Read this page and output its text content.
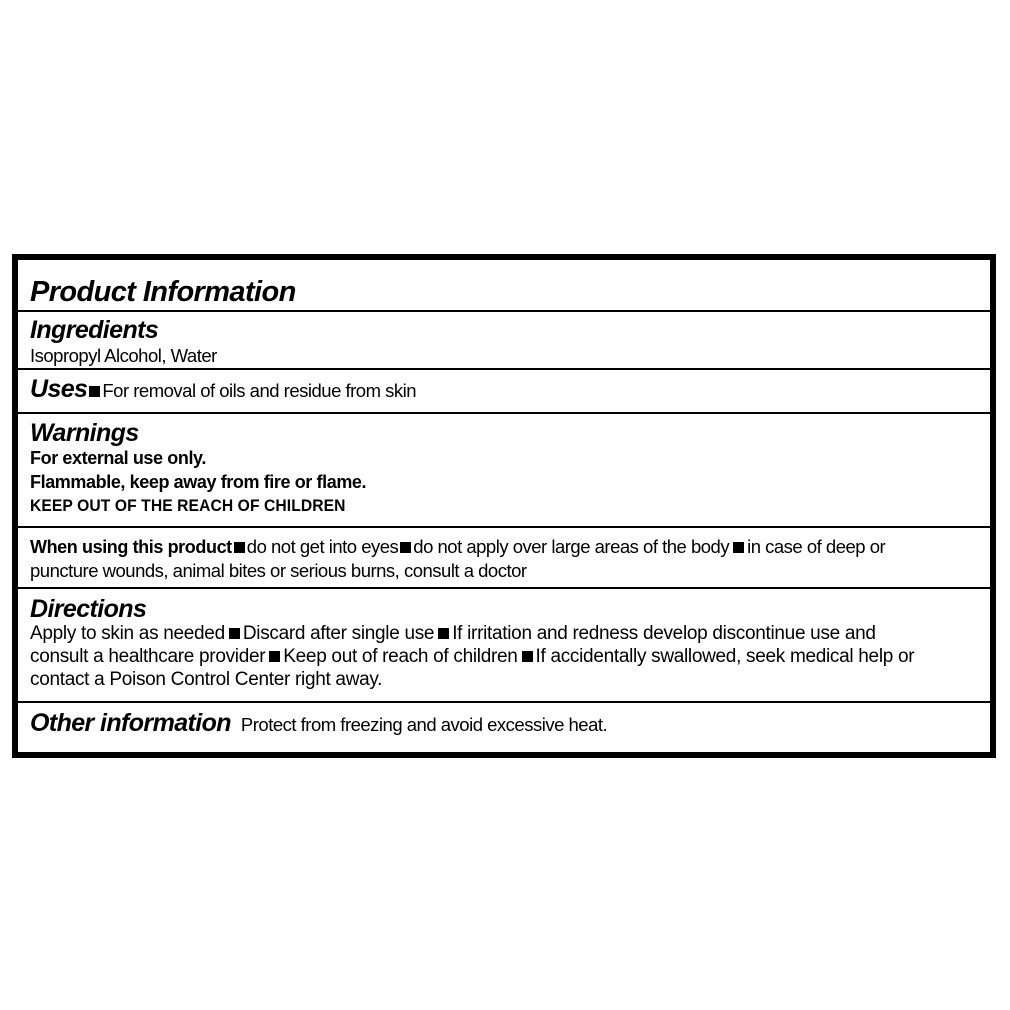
Product Information
Ingredients
Isopropyl Alcohol, Water
Uses For removal of oils and residue from skin
Warnings
For external use only.
Flammable, keep away from fire or flame.
KEEP OUT OF THE REACH OF CHILDREN
When using this product do not get into eyes do not apply over large areas of the body in case of deep or
puncture wounds, animal bites or serious burns, consult a doctor
Directions
Apply to skin as needed Discard after single use If irritation and redness develop discontinue use and
consult a healthcare provider Keep out of reach of children If accidentally swallowed, seek medical help or
contact a Poison Control Center right away.
Other information Protect from freezing and avoid excessive heat.
